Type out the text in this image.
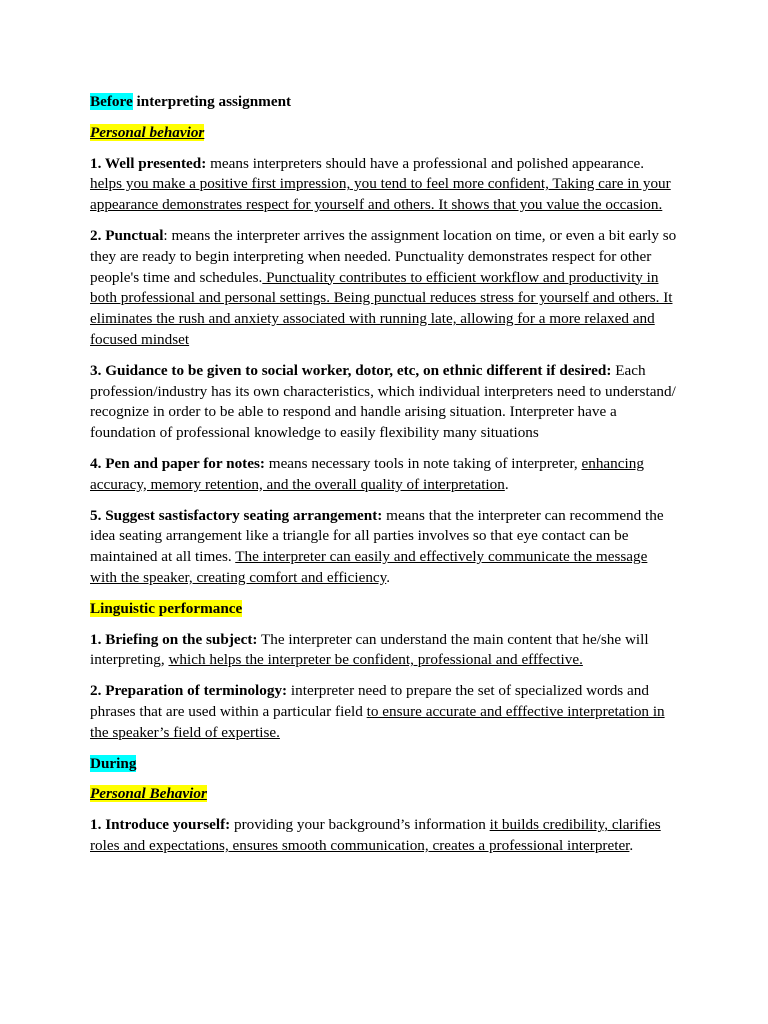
Before interpreting assignment

Personal behavior

1. Well presented: means interpreters should have a professional and polished appearance. helps you make a positive first impression, you tend to feel more confident, Taking care in your appearance demonstrates respect for yourself and others. It shows that you value the occasion.

2. Punctual: means the interpreter arrives the assignment location on time, or even a bit early so they are ready to begin interpreting when needed. Punctuality demonstrates respect for other people's time and schedules. Punctuality contributes to efficient workflow and productivity in both professional and personal settings. Being punctual reduces stress for yourself and others. It eliminates the rush and anxiety associated with running late, allowing for a more relaxed and focused mindset

3. Guidance to be given to social worker, dotor, etc, on ethnic different if desired: Each profession/industry has its own characteristics, which individual interpreters need to understand/ recognize in order to be able to respond and handle arising situation. Interpreter have a foundation of professional knowledge to easily flexibility many situations

4. Pen and paper for notes: means necessary tools in note taking of interpreter, enhancing accuracy, memory retention, and the overall quality of interpretation.

5. Suggest sastisfactory seating arrangement: means that the interpreter can recommend the idea seating arrangement like a triangle for all parties involves so that eye contact can be maintained at all times. The interpreter can easily and effectively communicate the message with the speaker, creating comfort and efficiency.

Linguistic performance

1. Briefing on the subject: The interpreter can understand the main content that he/she will interpreting, which helps the interpreter be confident, professional and efffective.

2. Preparation of terminology: interpreter need to prepare the set of specialized words and phrases that are used within a particular field to ensure accurate and efffective interpretation in the speaker’s field of expertise.

During

Personal Behavior

1. Introduce yourself: providing your background’s information it builds credibility, clarifies roles and expectations, ensures smooth communication, creates a professional interpreter.
